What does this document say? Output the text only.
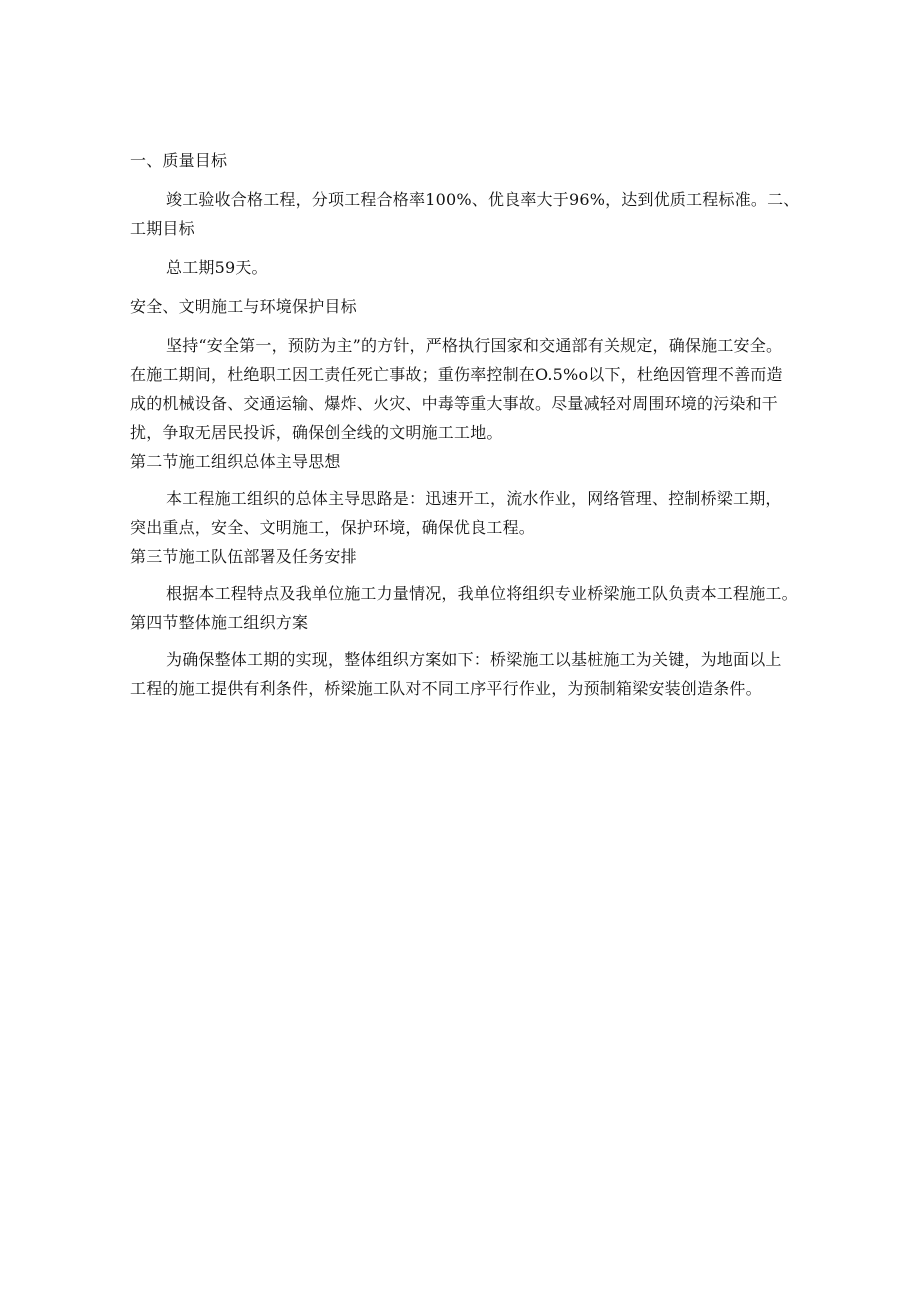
一、质量目标

竣工验收合格工程，分项工程合格率100%、优良率大于96%，达到优质工程标准。二、

工期目标

总工期59天。

安全、文明施工与环境保护目标

坚持“安全第一，预防为主”的方针，严格执行国家和交通部有关规定，确保施工安全。

在施工期间，杜绝职工因工责任死亡事故；重伤率控制在O.5%o以下，杜绝因管理不善而造

成的机械设备、交通运输、爆炸、火灾、中毒等重大事故。尽量减轻对周围环境的污染和干

扰，争取无居民投诉，确保创全线的文明施工工地。

第二节施工组织总体主导思想

本工程施工组织的总体主导思路是：迅速开工，流水作业，网络管理、控制桥梁工期，

突出重点，安全、文明施工，保护环境，确保优良工程。

第三节施工队伍部署及任务安排

根据本工程特点及我单位施工力量情况，我单位将组织专业桥梁施工队负责本工程施工。

第四节整体施工组织方案

为确保整体工期的实现，整体组织方案如下：桥梁施工以基桩施工为关键，为地面以上

工程的施工提供有利条件，桥梁施工队对不同工序平行作业，为预制箱梁安装创造条件。
